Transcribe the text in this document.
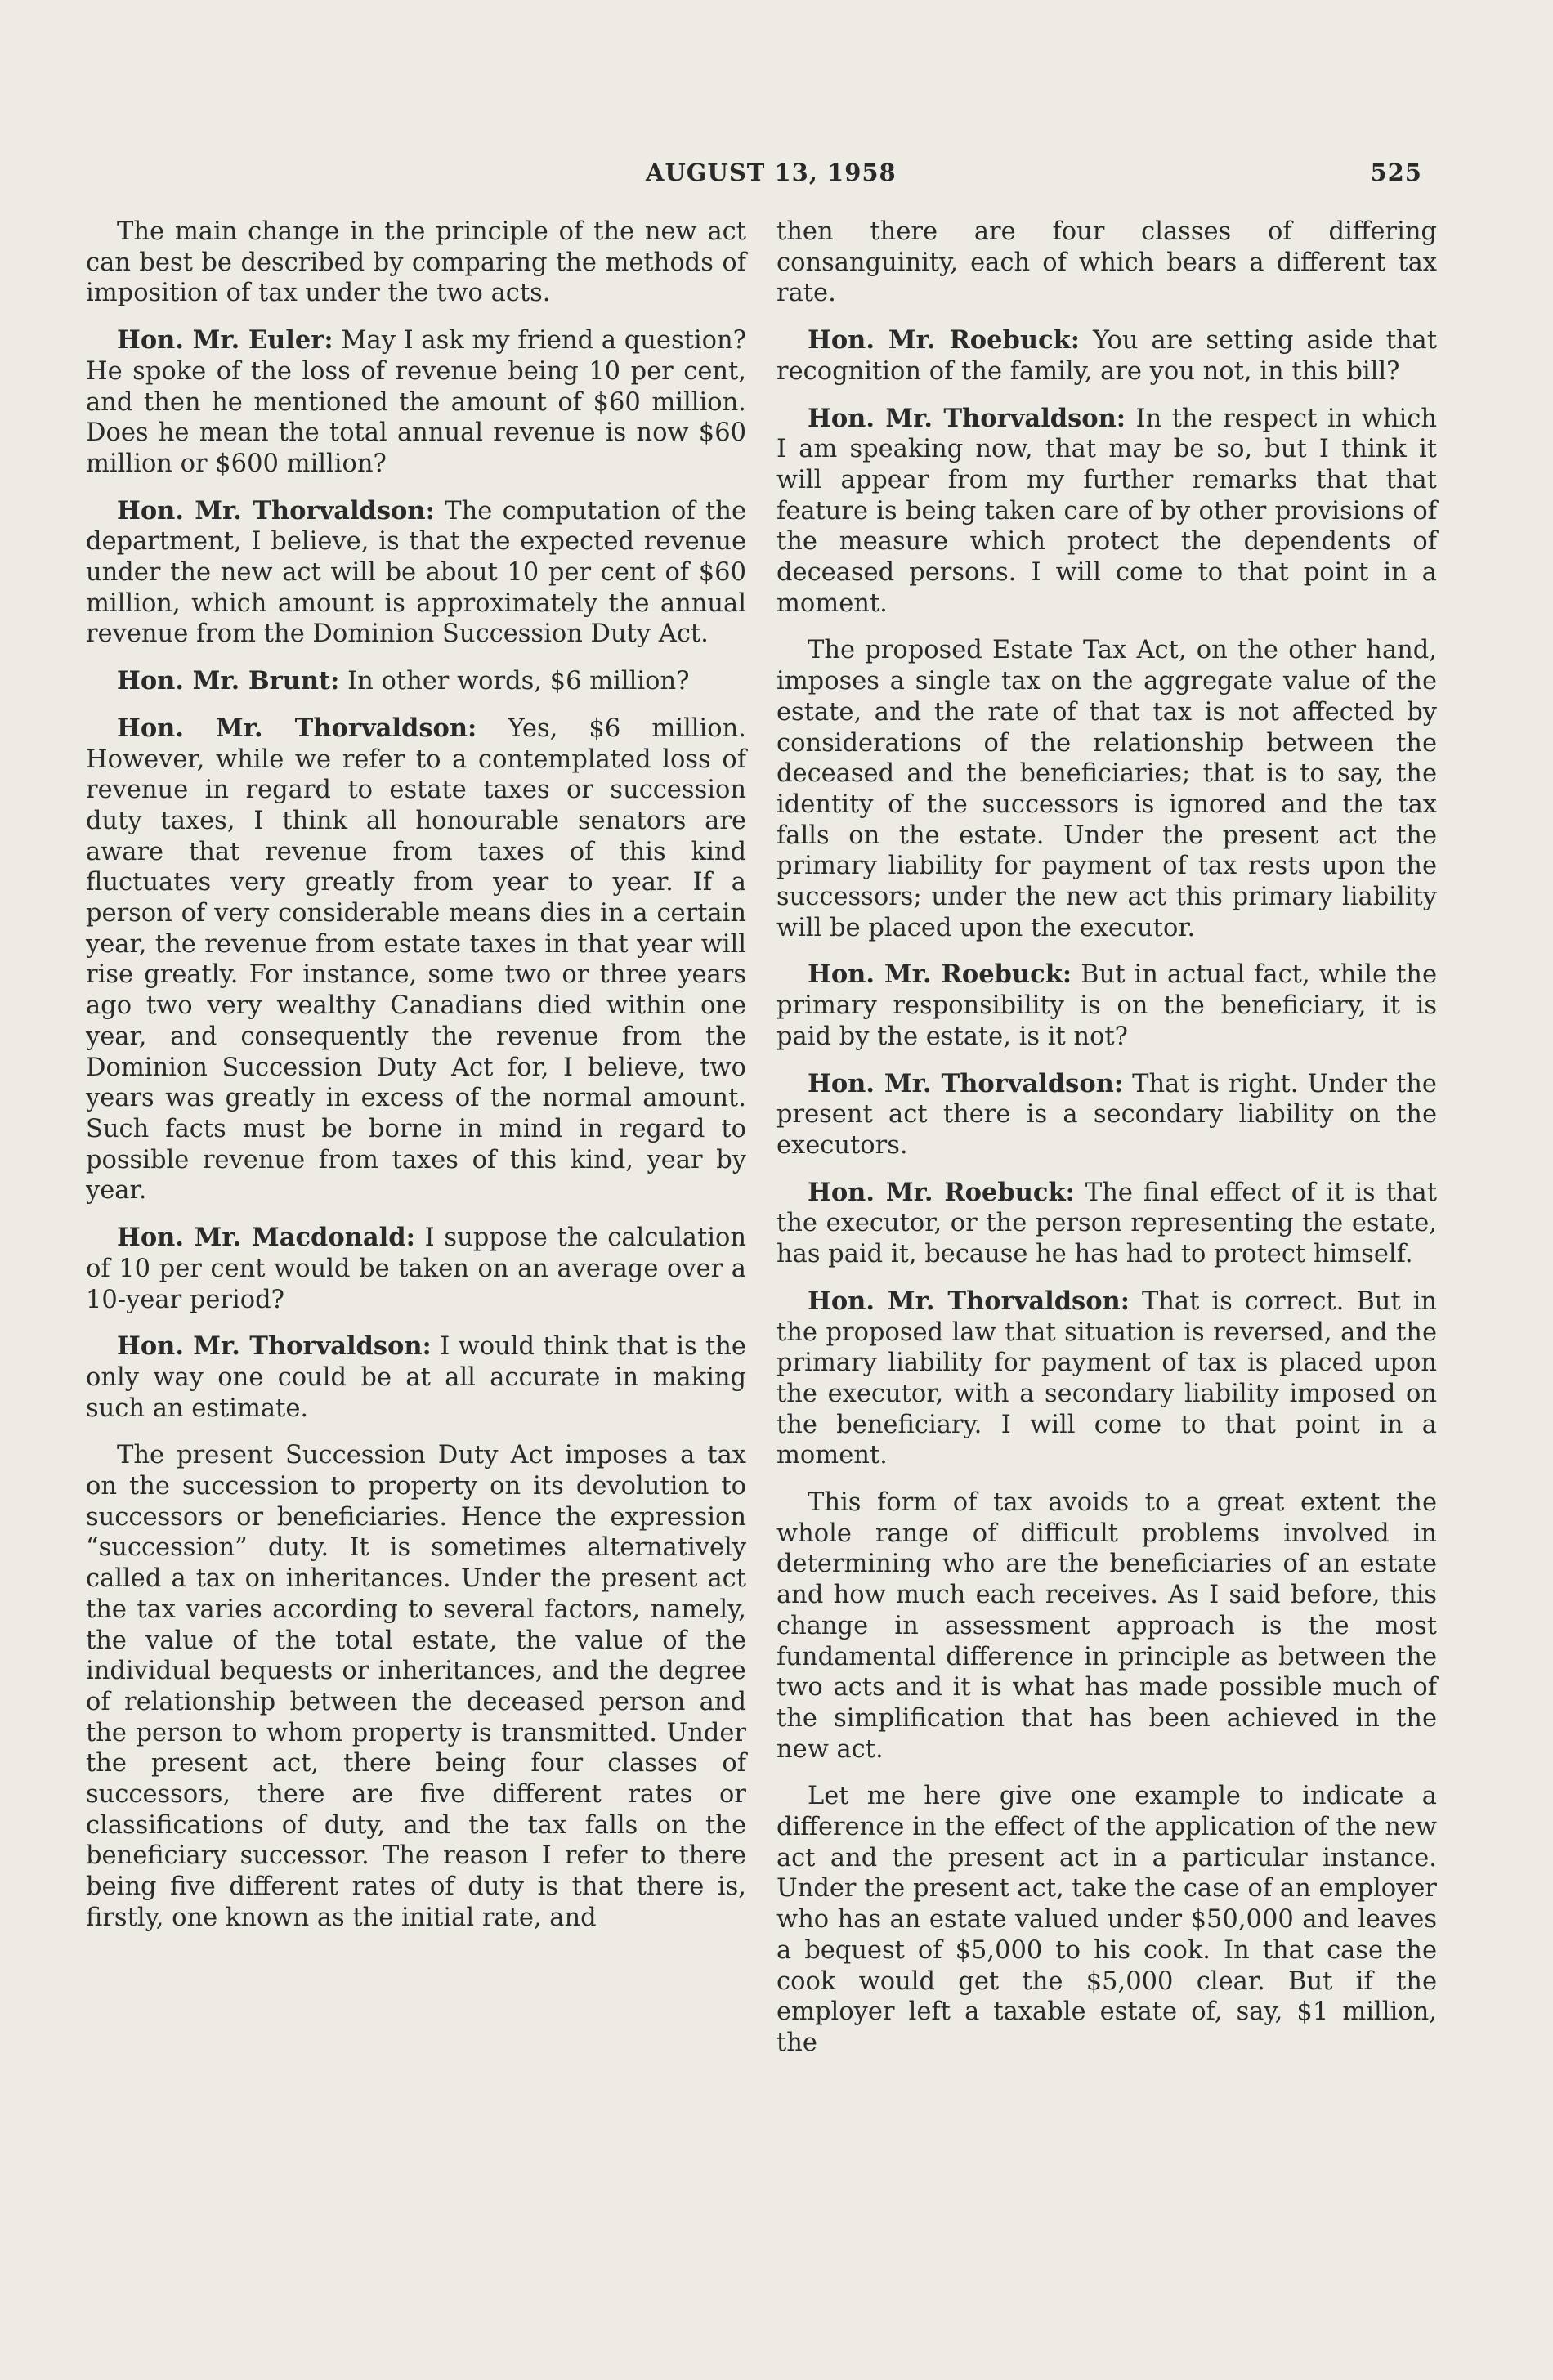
AUGUST 13, 1958	525

The main change in the principle of the new act can best be described by comparing the methods of imposition of tax under the two acts.

Hon. Mr. Euler: May I ask my friend a question? He spoke of the loss of revenue being 10 per cent, and then he mentioned the amount of $60 million. Does he mean the total annual revenue is now $60 million or $600 million?

Hon. Mr. Thorvaldson: The computation of the department, I believe, is that the expected revenue under the new act will be about 10 per cent of $60 million, which amount is approximately the annual revenue from the Dominion Succession Duty Act.

Hon. Mr. Brunt: In other words, $6 million?

Hon. Mr. Thorvaldson: Yes, $6 million. However, while we refer to a contemplated loss of revenue in regard to estate taxes or succession duty taxes, I think all honourable senators are aware that revenue from taxes of this kind fluctuates very greatly from year to year. If a person of very considerable means dies in a certain year, the revenue from estate taxes in that year will rise greatly. For instance, some two or three years ago two very wealthy Canadians died within one year, and consequently the revenue from the Dominion Succession Duty Act for, I believe, two years was greatly in excess of the normal amount. Such facts must be borne in mind in regard to possible revenue from taxes of this kind, year by year.

Hon. Mr. Macdonald: I suppose the calculation of 10 per cent would be taken on an average over a 10-year period?

Hon. Mr. Thorvaldson: I would think that is the only way one could be at all accurate in making such an estimate.

The present Succession Duty Act imposes a tax on the succession to property on its devolution to successors or beneficiaries. Hence the expression “succession” duty. It is sometimes alternatively called a tax on inheritances. Under the present act the tax varies according to several factors, namely, the value of the total estate, the value of the individual bequests or inheritances, and the degree of relationship between the deceased person and the person to whom property is transmitted. Under the present act, there being four classes of successors, there are five different rates or classifications of duty, and the tax falls on the beneficiary successor. The reason I refer to there being five different rates of duty is that there is, firstly, one known as the initial rate, and

then there are four classes of differing consanguinity, each of which bears a different tax rate.

Hon. Mr. Roebuck: You are setting aside that recognition of the family, are you not, in this bill?

Hon. Mr. Thorvaldson: In the respect in which I am speaking now, that may be so, but I think it will appear from my further remarks that that feature is being taken care of by other provisions of the measure which protect the dependents of deceased persons. I will come to that point in a moment.

The proposed Estate Tax Act, on the other hand, imposes a single tax on the aggregate value of the estate, and the rate of that tax is not affected by considerations of the relationship between the deceased and the beneficiaries; that is to say, the identity of the successors is ignored and the tax falls on the estate. Under the present act the primary liability for payment of tax rests upon the successors; under the new act this primary liability will be placed upon the executor.

Hon. Mr. Roebuck: But in actual fact, while the primary responsibility is on the beneficiary, it is paid by the estate, is it not?

Hon. Mr. Thorvaldson: That is right. Under the present act there is a secondary liability on the executors.

Hon. Mr. Roebuck: The final effect of it is that the executor, or the person representing the estate, has paid it, because he has had to protect himself.

Hon. Mr. Thorvaldson: That is correct. But in the proposed law that situation is reversed, and the primary liability for payment of tax is placed upon the executor, with a secondary liability imposed on the beneficiary. I will come to that point in a moment.

This form of tax avoids to a great extent the whole range of difficult problems involved in determining who are the beneficiaries of an estate and how much each receives. As I said before, this change in assessment approach is the most fundamental difference in principle as between the two acts and it is what has made possible much of the simplification that has been achieved in the new act.

Let me here give one example to indicate a difference in the effect of the application of the new act and the present act in a particular instance. Under the present act, take the case of an employer who has an estate valued under $50,000 and leaves a bequest of $5,000 to his cook. In that case the cook would get the $5,000 clear. But if the employer left a taxable estate of, say, $1 million, the
